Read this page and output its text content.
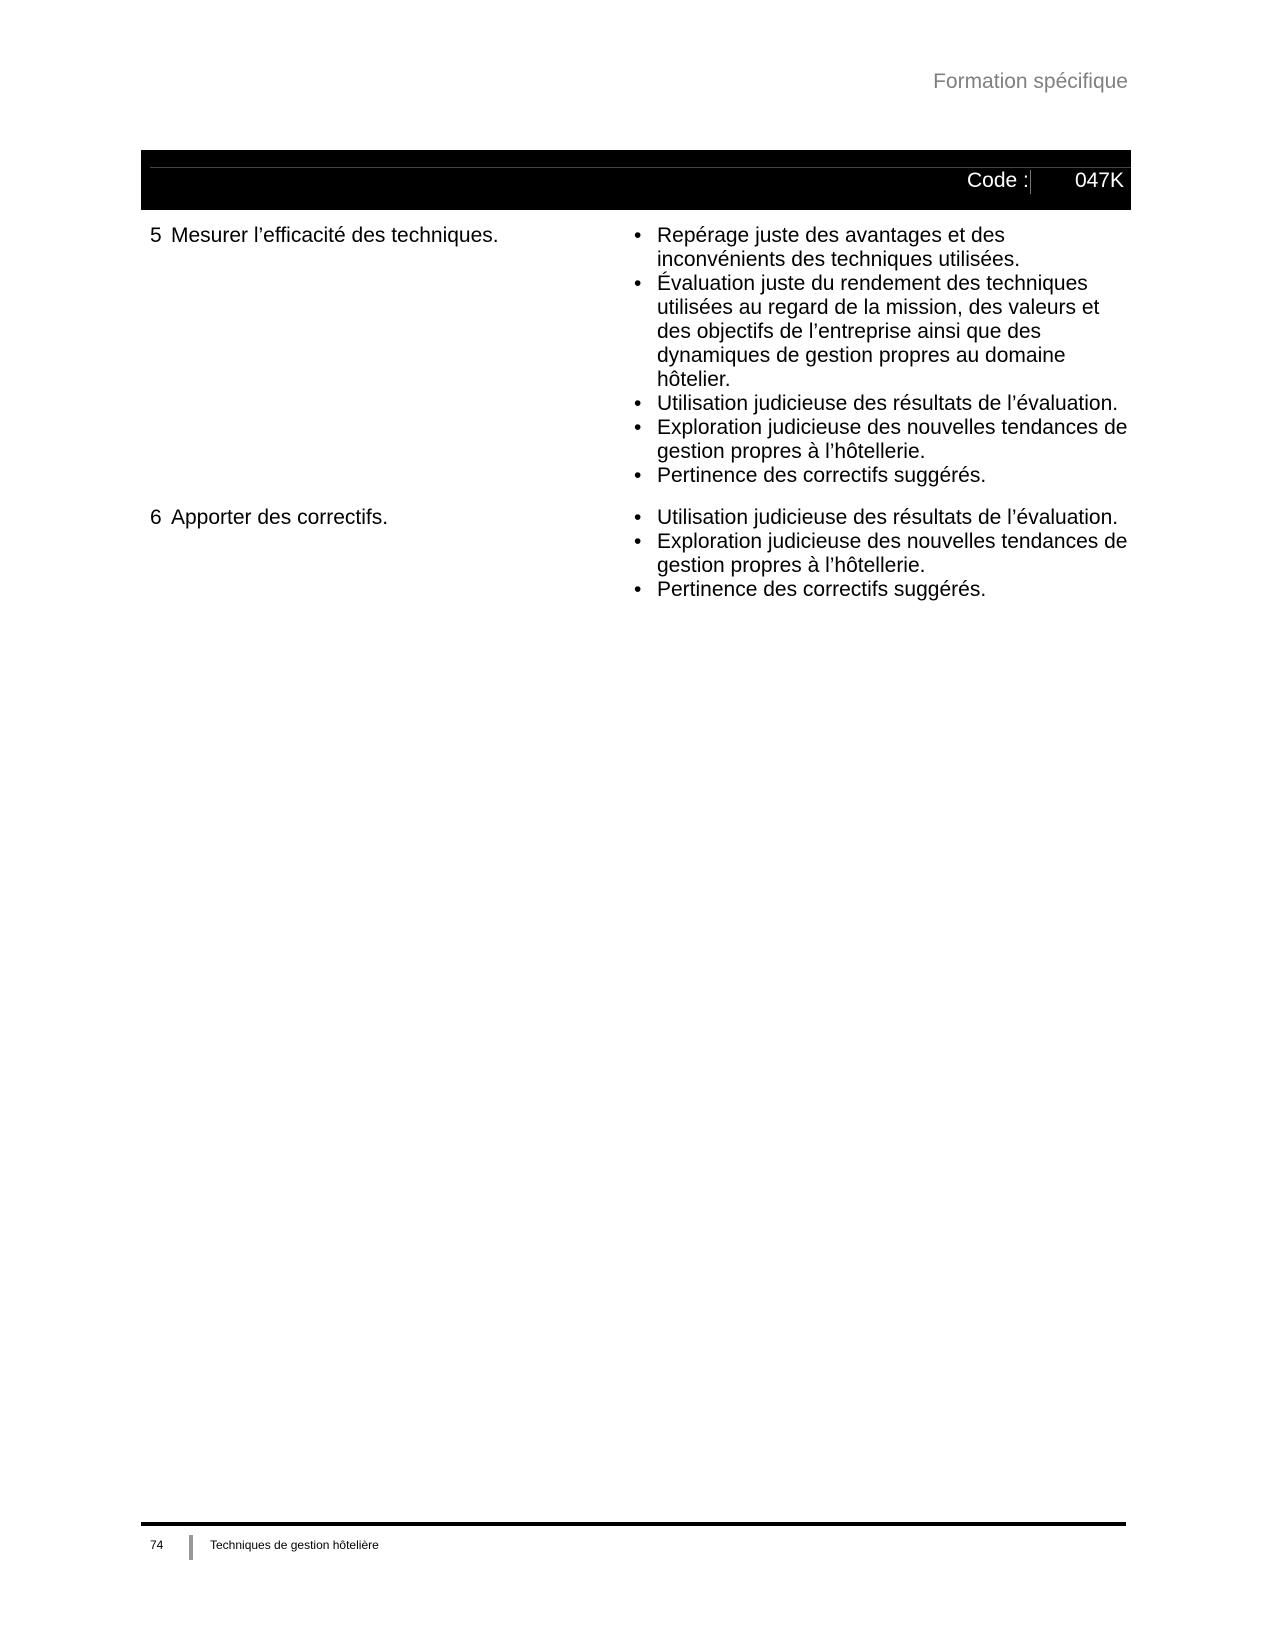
Formation spécifique
Code : 047K
5 Mesurer l’efficacité des techniques.	• Repérage juste des avantages et des inconvénients des techniques utilisées.
• Évaluation juste du rendement des techniques utilisées au regard de la mission, des valeurs et des objectifs de l’entreprise ainsi que des dynamiques de gestion propres au domaine hôtelier.
• Utilisation judicieuse des résultats de l’évaluation.
• Exploration judicieuse des nouvelles tendances de gestion propres à l’hôtellerie.
• Pertinence des correctifs suggérés.
6 Apporter des correctifs.	• Utilisation judicieuse des résultats de l’évaluation.
• Exploration judicieuse des nouvelles tendances de gestion propres à l’hôtellerie.
• Pertinence des correctifs suggérés.
74	Techniques de gestion hôtelière
